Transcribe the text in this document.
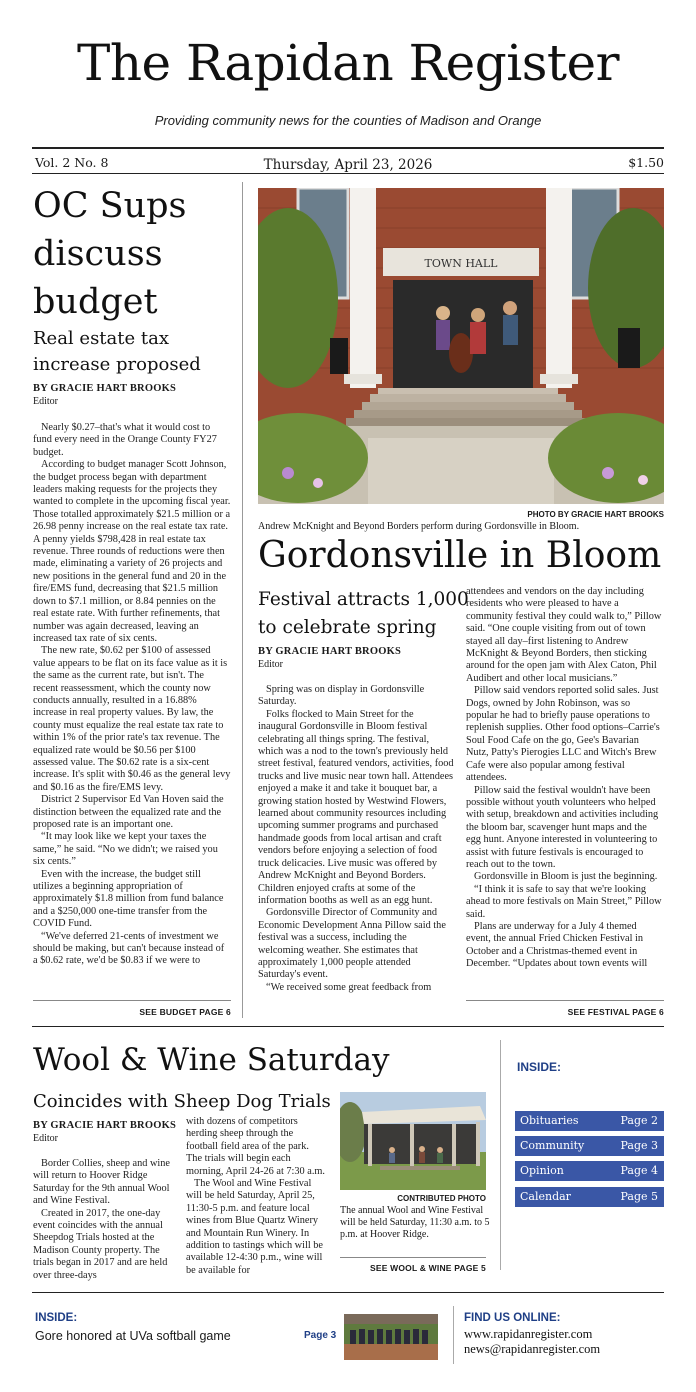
The Rapidan Register
Providing community news for the counties of Madison and Orange
Vol. 2 No. 8	Thursday, April 23, 2026	$1.50
OC Sups
discuss
budget
Real estate tax
increase proposed
BY GRACIE HART BROOKS
Editor

Nearly $0.27–that's what it would cost to fund every need in the Orange County FY27 budget.

According to budget manager Scott Johnson, the budget process began with department leaders making requests for the projects they wanted to complete in the upcoming fiscal year. Those totalled approximately $21.5 million or a 26.98 penny increase on the real estate tax rate. A penny yields $798,428 in real estate tax revenue. Three rounds of reductions were then made, eliminating a variety of 26 projects and new positions in the general fund and 20 in the fire/EMS fund, decreasing that $21.5 million down to $7.1 million, or 8.84 pennies on the real estate rate. With further refinements, that number was again decreased, leaving an increased tax rate of six cents.

The new rate, $0.62 per $100 of assessed value appears to be flat on its face value as it is the same as the current rate, but isn't. The recent reassessment, which the county now conducts annually, resulted in a 16.88% increase in real property values. By law, the county must equalize the real estate tax rate to within 1% of the prior rate's tax revenue. The equalized rate would be $0.56 per $100 assessed value. The $0.62 rate is a six-cent increase. It's split with $0.46 as the general levy and $0.16 as the fire/EMS levy.

District 2 Supervisor Ed Van Hoven said the distinction between the equalized rate and the proposed rate is an important one.

“It may look like we kept your taxes the same,” he said. “No we didn't; we raised you six cents.”

Even with the increase, the budget still utilizes a beginning appropriation of approximately $1.8 million from fund balance and a $250,000 one-time transfer from the COVID Fund.

“We've deferred 21-cents of investment we should be making, but can't because instead of a $0.62 rate, we'd be $0.83 if we were to

SEE BUDGET PAGE 6
TOWN HALL
PHOTO BY GRACIE HART BROOKS
Andrew McKnight and Beyond Borders perform during Gordonsville in Bloom.
Gordonsville in Bloom
Festival attracts 1,000
to celebrate spring
BY GRACIE HART BROOKS
Editor

Spring was on display in Gordonsville Saturday.

Folks flocked to Main Street for the inaugural Gordonsville in Bloom festival celebrating all things spring. The festival, which was a nod to the town's previously held street festival, featured vendors, activities, food trucks and live music near town hall. Attendees enjoyed a make it and take it bouquet bar, a growing station hosted by Westwind Flowers, learned about community resources including upcoming summer programs and purchased handmade goods from local artisan and craft vendors before enjoying a selection of food truck delicacies. Live music was offered by Andrew McKnight and Beyond Borders. Children enjoyed crafts at some of the information booths as well as an egg hunt.

Gordonsville Director of Community and Economic Development Anna Pillow said the festival was a success, including the welcoming weather. She estimates that approximately 1,000 people attended Saturday's event.

“We received some great feedback from

attendees and vendors on the day including residents who were pleased to have a community festival they could walk to,” Pillow said. “One couple visiting from out of town stayed all day–first listening to Andrew McKnight & Beyond Borders, then sticking around for the open jam with Alex Caton, Phil Audibert and other local musicians.”

Pillow said vendors reported solid sales. Just Dogs, owned by John Robinson, was so popular he had to briefly pause operations to replenish supplies. Other food options–Carrie's Soul Food Cafe on the go, Gee's Bavarian Nutz, Patty's Pierogies LLC and Witch's Brew Cafe were also popular among festival attendees.

Pillow said the festival wouldn't have been possible without youth volunteers who helped with setup, breakdown and activities including the bloom bar, scavenger hunt maps and the egg hunt. Anyone interested in volunteering to assist with future festivals is encouraged to reach out to the town.

Gordonsville in Bloom is just the beginning.

“I think it is safe to say that we're looking ahead to more festivals on Main Street,” Pillow said.

Plans are underway for a July 4 themed event, the annual Fried Chicken Festival in October and a Christmas-themed event in December. “Updates about town events will

SEE FESTIVAL PAGE 6
Wool & Wine Saturday
Coincides with Sheep Dog Trials
BY GRACIE HART BROOKS
Editor

Border Collies, sheep and wine will return to Hoover Ridge Saturday for the 9th annual Wool and Wine Festival.

Created in 2017, the one-day event coincides with the annual Sheepdog Trials hosted at the Madison County property. The trials began in 2017 and are held over three-days

with dozens of competitors herding sheep through the football field area of the park. The trials will begin each morning, April 24-26 at 7:30 a.m.

The Wool and Wine Festival will be held Saturday, April 25, 11:30-5 p.m. and feature local wines from Blue Quartz Winery and Mountain Run Winery. In addition to tastings which will be available 12-4:30 p.m., wine will be available for

CONTRIBUTED PHOTO
The annual Wool and Wine Festival will be held Saturday, 11:30 a.m. to 5 p.m. at Hoover Ridge.
SEE WOOL & WINE PAGE 5
INSIDE:
Obituaries	Page 2
Community	Page 3
Opinion	Page 4
Calendar	Page 5
INSIDE:
Gore honored at UVa softball game	Page 3
FIND US ONLINE:
www.rapidanregister.com
news@rapidanregister.com
